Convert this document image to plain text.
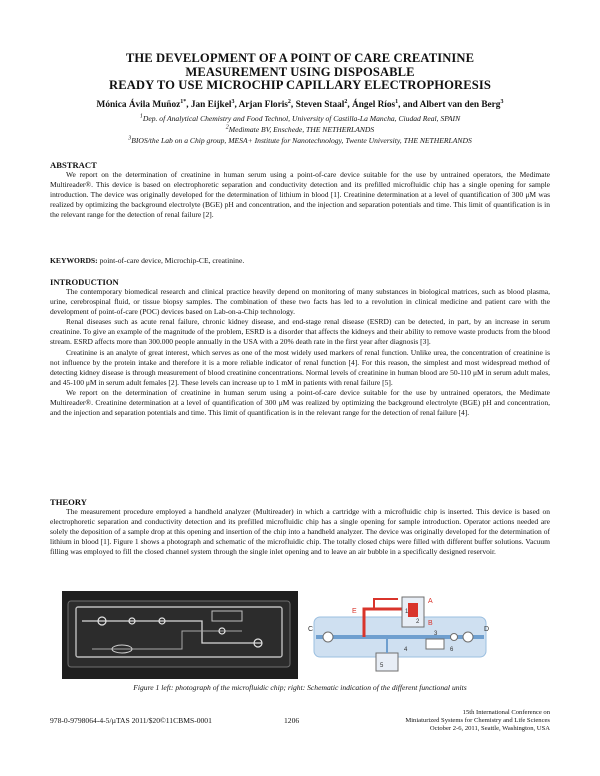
THE DEVELOPMENT OF A POINT OF CARE CREATININE
MEASUREMENT USING DISPOSABLE
READY TO USE MICROCHIP CAPILLARY ELECTROPHORESIS
Mónica Ávila Muñoz$^{1*}$, Jan Eijkel$^3$, Arjan Floris$^2$, Steven Staal$^2$, Ángel Ríos$^1$, and Albert van den Berg$^3$
$^1$Dep. of Analytical Chemistry and Food Technol, University of Castilla-La Mancha, Ciudad Real, SPAIN
$^2$Medimate BV, Enschede, THE NETHERLANDS
$^3$BIOS/the Lab on a Chip group, MESA+ Institute for Nanotechnology, Twente University, THE NETHERLANDS
ABSTRACT

We report on the determination of creatinine in human serum using a point-of-care device suitable for the use by untrained operators, the Medimate Multireader®. This device is based on electrophoretic separation and conductivity detection and its prefilled microfluidic chip has a single opening for sample introduction. The device was originally developed for the determination of lithium in blood [1]. Creatinine determination at a level of quantification of 300 μM was realized by optimizing the background electrolyte (BGE) pH and concentration, and the injection and separation potentials and time. This limit of quantification is in the relevant range for the detection of renal failure [2].

KEYWORDS: point-of-care device, Microchip-CE, creatinine.
INTRODUCTION

The contemporary biomedical research and clinical practice heavily depend on monitoring of many substances in biological matrices, such as blood plasma, urine, cerebrospinal fluid, or tissue biopsy samples. The combination of these two facts has led to a revolution in clinical medicine and patient care with the development of point-of-care (POC) devices based on Lab-on-a-Chip technology.

Renal diseases such as acute renal failure, chronic kidney disease, and end-stage renal disease (ESRD) can be detected, in part, by an increase in serum creatinine. To give an example of the magnitude of the problem, ESRD is a disorder that affects the kidneys and their ability to remove waste products from the blood stream. ESRD affects more than 300.000 people annually in the USA with a 20% death rate in the first year after diagnosis [3].

Creatinine is an analyte of great interest, which serves as one of the most widely used markers of renal function. Unlike urea, the concentration of creatinine is not influence by the protein intake and therefore it is a more reliable indicator of renal function [4]. For this reason, the simplest and most widespread method of detecting kidney disease is through measurement of blood creatinine concentrations. Normal levels of creatinine in human blood are 50-110 μM in serum adult males, and 45-100 μM in serum adult females [2]. These levels can increase up to 1 mM in patients with renal failure [5].

We report on the determination of creatinine in human serum using a point-of-care device suitable for the use by untrained operators, the Medimate Multireader®. Creatinine determination at a level of quantification of 300 μM was realized by optimizing the background electrolyte (BGE) pH and concentration, and the injection and separation potentials and time. This limit of quantification is in the relevant range for the detection of renal failure [4].

THEORY

The measurement procedure employed a handheld analyzer (Multireader) in which a cartridge with a microfluidic chip is inserted. This device is based on electrophoretic separation and conductivity detection and its prefilled microfluidic chip has a single opening for sample introduction. Operator actions needed are solely the deposition of a sample drop at this opening and insertion of the chip into a handheld analyzer. The device was originally developed for the determination of lithium in blood [1]. Figure 1 shows a photograph and schematic of the microfluidic chip. The totally closed chips were filled with different buffer solutions. Vacuum filling was employed to fill the closed channel system through the single inlet opening and to leave an air bubble in a specifically designed reservoir.

A
B
C	D
E	1
2
3
4
5
6
Figure 1 left: photograph of the microfluidic chip; right: Schematic indication of the different functional units
978-0-9798064-4-5/µTAS 2011/$20©11CBMS-0001	1206
15th International Conference on
Miniaturized Systems for Chemistry and Life Sciences
October 2-6, 2011, Seattle, Washington, USA
